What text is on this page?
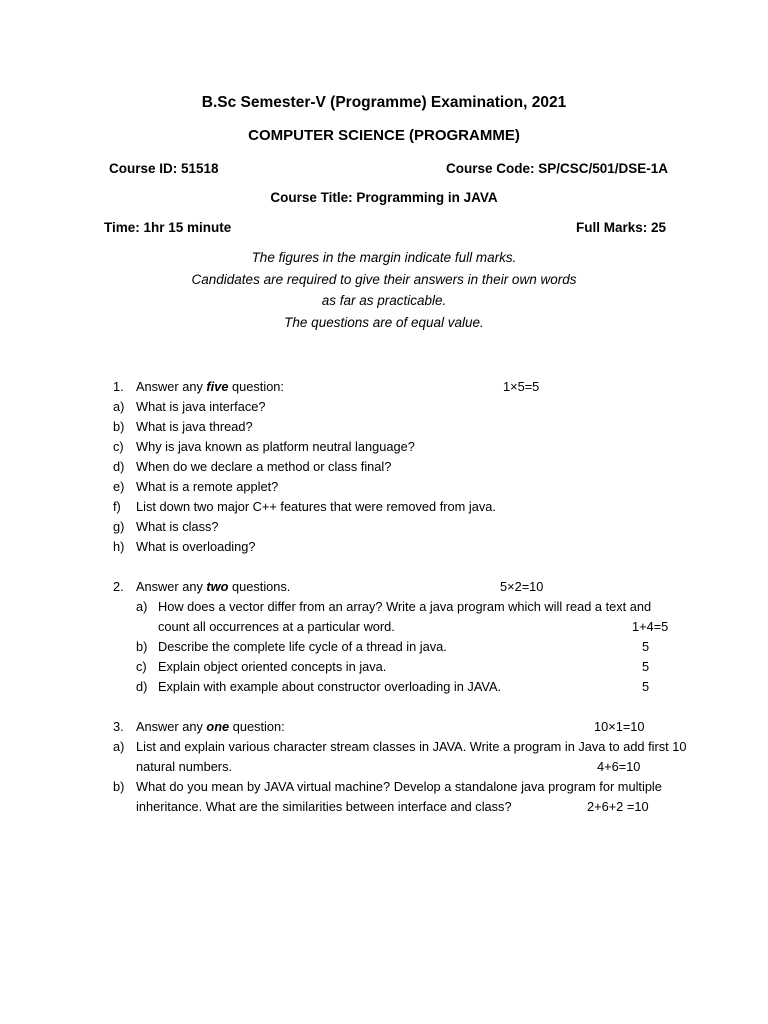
B.Sc Semester-V (Programme) Examination, 2021
COMPUTER SCIENCE (PROGRAMME)
Course ID: 51518	Course Code: SP/CSC/501/DSE-1A
Course Title: Programming in JAVA
Time: 1hr 15 minute	Full Marks: 25
The figures in the margin indicate full marks.
Candidates are required to give their answers in their own words
as far as practicable.
The questions are of equal value.
1. Answer any five question:	1×5=5
a) What is java interface?
b) What is java thread?
c) Why is java known as platform neutral language?
d) When do we declare a method or class final?
e) What is a remote applet?
f) List down two major C++ features that were removed from java.
g) What is class?
h) What is overloading?
2. Answer any two questions.	5×2=10
a) How does a vector differ from an array? Write a java program which will read a text and
count all occurrences at a particular word.	1+4=5
b) Describe the complete life cycle of a thread in java.	5
c) Explain object oriented concepts in java.	5
d) Explain with example about constructor overloading in JAVA.	5
3. Answer any one question:	10×1=10
a) List and explain various character stream classes in JAVA. Write a program in Java to add first 10
natural numbers.	4+6=10
b) What do you mean by JAVA virtual machine? Develop a standalone java program for multiple
inheritance. What are the similarities between interface and class?	2+6+2 =10
